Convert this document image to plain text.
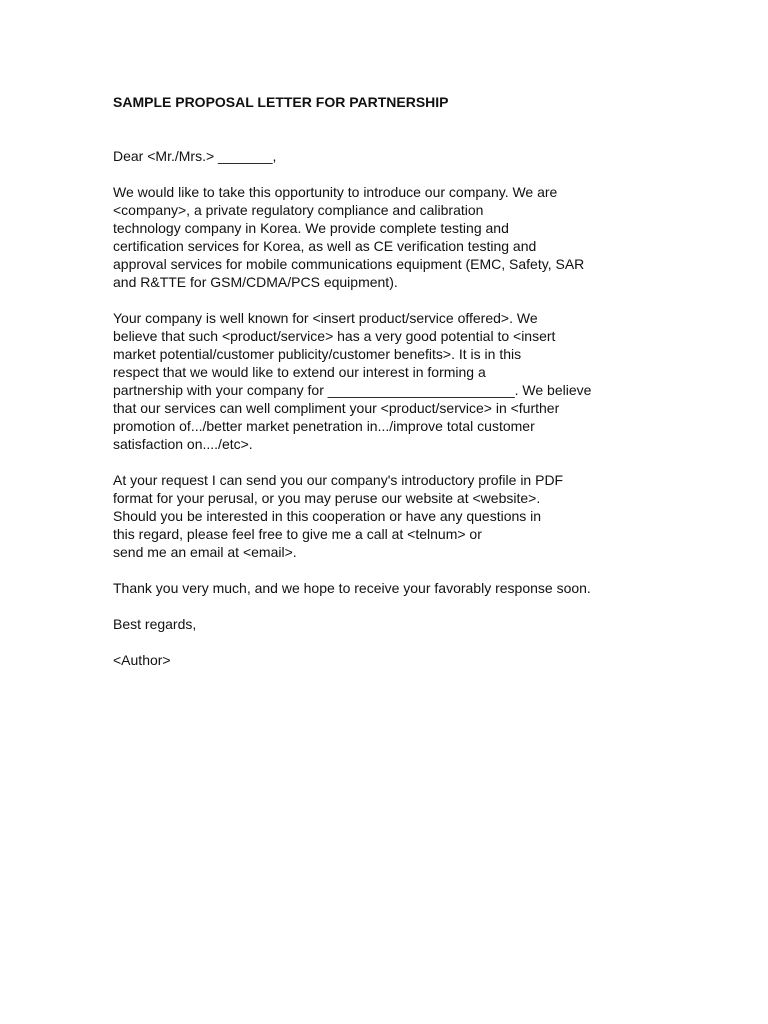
SAMPLE PROPOSAL LETTER FOR PARTNERSHIP
Dear <Mr./Mrs.> _______,
We would like to take this opportunity to introduce our company. We are
<company>, a private regulatory compliance and calibration
technology company in Korea. We provide complete testing and
certification services for Korea, as well as CE verification testing and
approval services for mobile communications equipment (EMC, Safety, SAR
and R&TTE for GSM/CDMA/PCS equipment).
Your company is well known for <insert product/service offered>. We
believe that such <product/service> has a very good potential to <insert
market potential/customer publicity/customer benefits>. It is in this
respect that we would like to extend our interest in forming a
partnership with your company for ________________________. We believe
that our services can well compliment your <product/service> in <further
promotion of.../better market penetration in.../improve total customer
satisfaction on..../etc>.
At your request I can send you our company's introductory profile in PDF
format for your perusal, or you may peruse our website at <website>.
Should you be interested in this cooperation or have any questions in
this regard, please feel free to give me a call at <telnum> or
send me an email at <email>.
Thank you very much, and we hope to receive your favorably response soon.
Best regards,
<Author>
